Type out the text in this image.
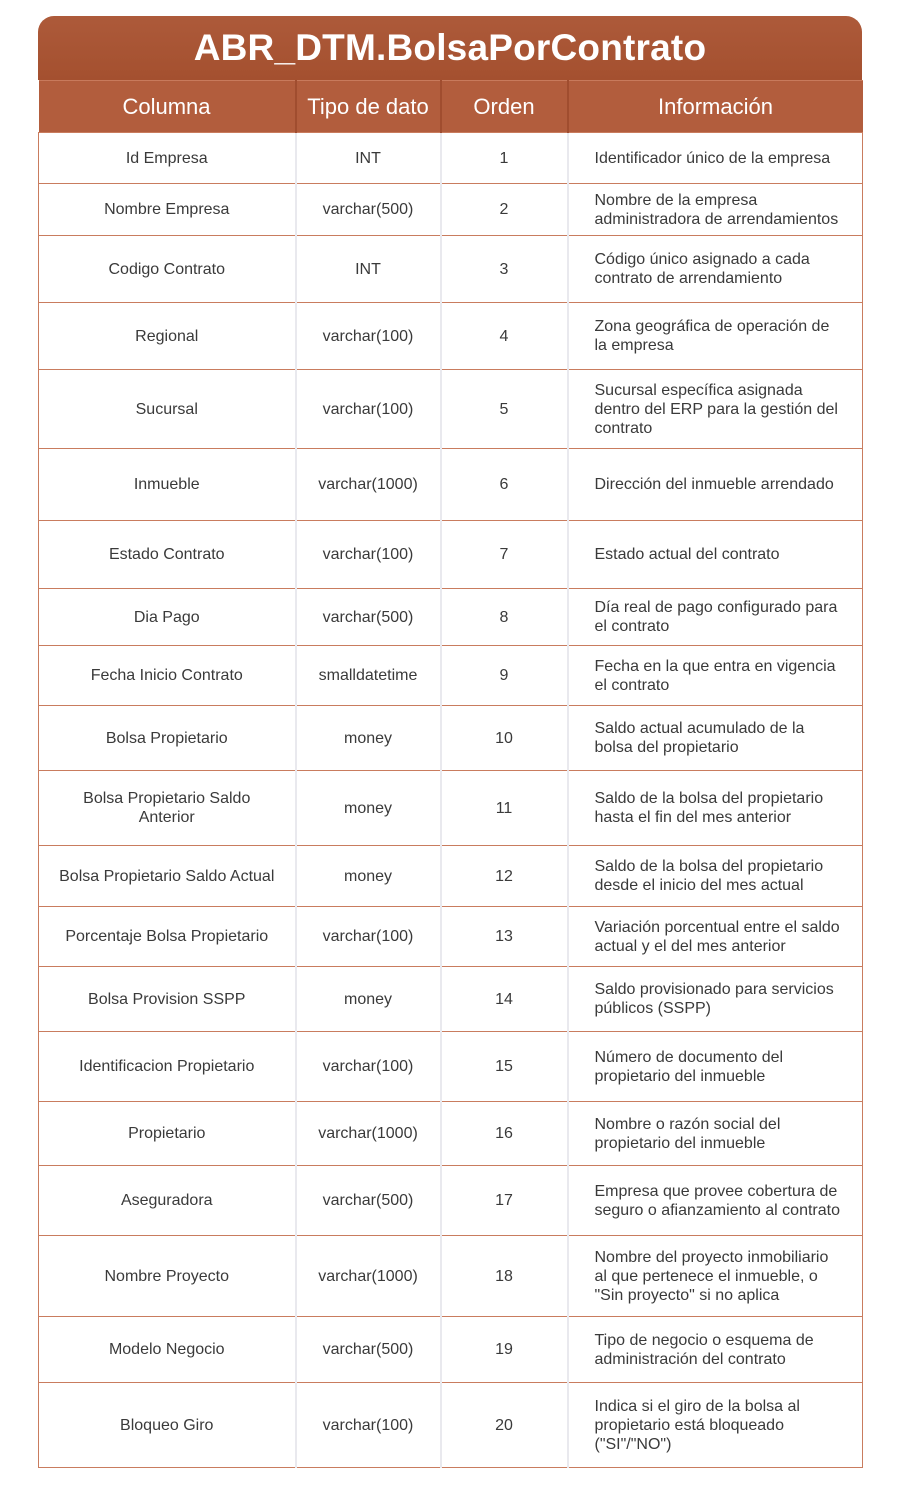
ABR_DTM.BolsaPorContrato
Columna	Tipo de dato	Orden	Información
Id Empresa	INT	1	Identificador único de la empresa
Nombre Empresa	varchar(500)	2	Nombre de la empresa administradora de arrendamientos
Codigo Contrato	INT	3	Código único asignado a cada contrato de arrendamiento
Regional	varchar(100)	4	Zona geográfica de operación de la empresa
Sucursal	varchar(100)	5	Sucursal específica asignada dentro del ERP para la gestión del contrato
Inmueble	varchar(1000)	6	Dirección del inmueble arrendado
Estado Contrato	varchar(100)	7	Estado actual del contrato
Dia Pago	varchar(500)	8	Día real de pago configurado para el contrato
Fecha Inicio Contrato	smalldatetime	9	Fecha en la que entra en vigencia el contrato
Bolsa Propietario	money	10	Saldo actual acumulado de la bolsa del propietario
Bolsa Propietario Saldo Anterior	money	11	Saldo de la bolsa del propietario hasta el fin del mes anterior
Bolsa Propietario Saldo Actual	money	12	Saldo de la bolsa del propietario desde el inicio del mes actual
Porcentaje Bolsa Propietario	varchar(100)	13	Variación porcentual entre el saldo actual y el del mes anterior
Bolsa Provision SSPP	money	14	Saldo provisionado para servicios públicos (SSPP)
Identificacion Propietario	varchar(100)	15	Número de documento del propietario del inmueble
Propietario	varchar(1000)	16	Nombre o razón social del propietario del inmueble
Aseguradora	varchar(500)	17	Empresa que provee cobertura de seguro o afianzamiento al contrato
Nombre Proyecto	varchar(1000)	18	Nombre del proyecto inmobiliario al que pertenece el inmueble, o "Sin proyecto" si no aplica
Modelo Negocio	varchar(500)	19	Tipo de negocio o esquema de administración del contrato
Bloqueo Giro	varchar(100)	20	Indica si el giro de la bolsa al propietario está bloqueado ("SI"/"NO")
